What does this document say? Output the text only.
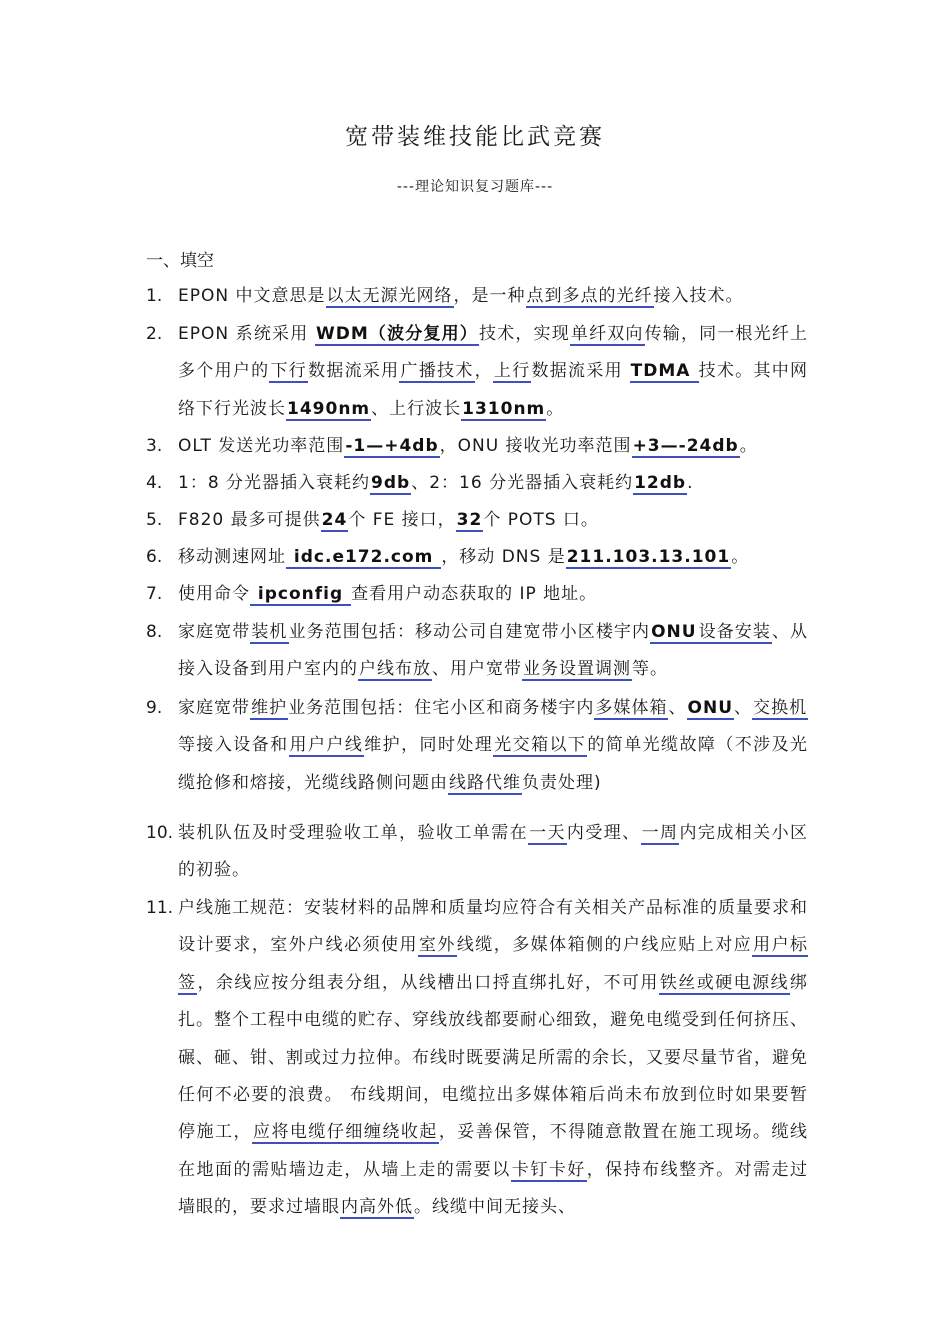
宽带装维技能比武竞赛
---理论知识复习题库---
一、填空
1. EPON 中文意思是以太无源光网络，是一种点到多点的光纤接入技术。
2. EPON 系统采用 WDM（波分复用）技术，实现单纤双向传输，同一根光纤上多个用户的下行数据流采用广播技术，上行数据流采用 TDMA 技术。其中网络下行光波长1490nm、上行波长1310nm。
3. OLT 发送光功率范围-1—+4db，ONU 接收光功率范围+3—-24db。
4. 1：8 分光器插入衰耗约9db、2：16 分光器插入衰耗约12db.
5. F820 最多可提供24个 FE 接口，32个 POTS 口。
6. 移动测速网址 idc.e172.com ，移动 DNS 是211.103.13.101。
7. 使用命令 ipconfig 查看用户动态获取的 IP 地址。
8. 家庭宽带装机业务范围包括：移动公司自建宽带小区楼宇内ONU 设备安装、从接入设备到用户室内的户线布放、用户宽带业务设置调测等。
9. 家庭宽带维护业务范围包括：住宅小区和商务楼宇内多媒体箱、ONU、交换机等接入设备和用户户线维护，同时处理光交箱以下的简单光缆故障（不涉及光缆抢修和熔接，光缆线路侧问题由线路代维负责处理)
10. 装机队伍及时受理验收工单，验收工单需在一天内受理、一周内完成相关小区的初验。
11. 户线施工规范：安装材料的品牌和质量均应符合有关相关产品标准的质量要求和设计要求，室外户线必须使用室外线缆，多媒体箱侧的户线应贴上对应用户标签，余线应按分组表分组，从线槽出口捋直绑扎好，不可用铁丝或硬电源线绑扎。整个工程中电缆的贮存、穿线放线都要耐心细致，避免电缆受到任何挤压、碾、砸、钳、割或过力拉伸。布线时既要满足所需的余长，又要尽量节省，避免任何不必要的浪费。 布线期间，电缆拉出多媒体箱后尚未布放到位时如果要暂停施工，应将电缆仔细缠绕收起，妥善保管，不得随意散置在施工现场。缆线在地面的需贴墙边走，从墙上走的需要以卡钉卡好，保持布线整齐。对需走过墙眼的，要求过墙眼内高外低。线缆中间无接头、
